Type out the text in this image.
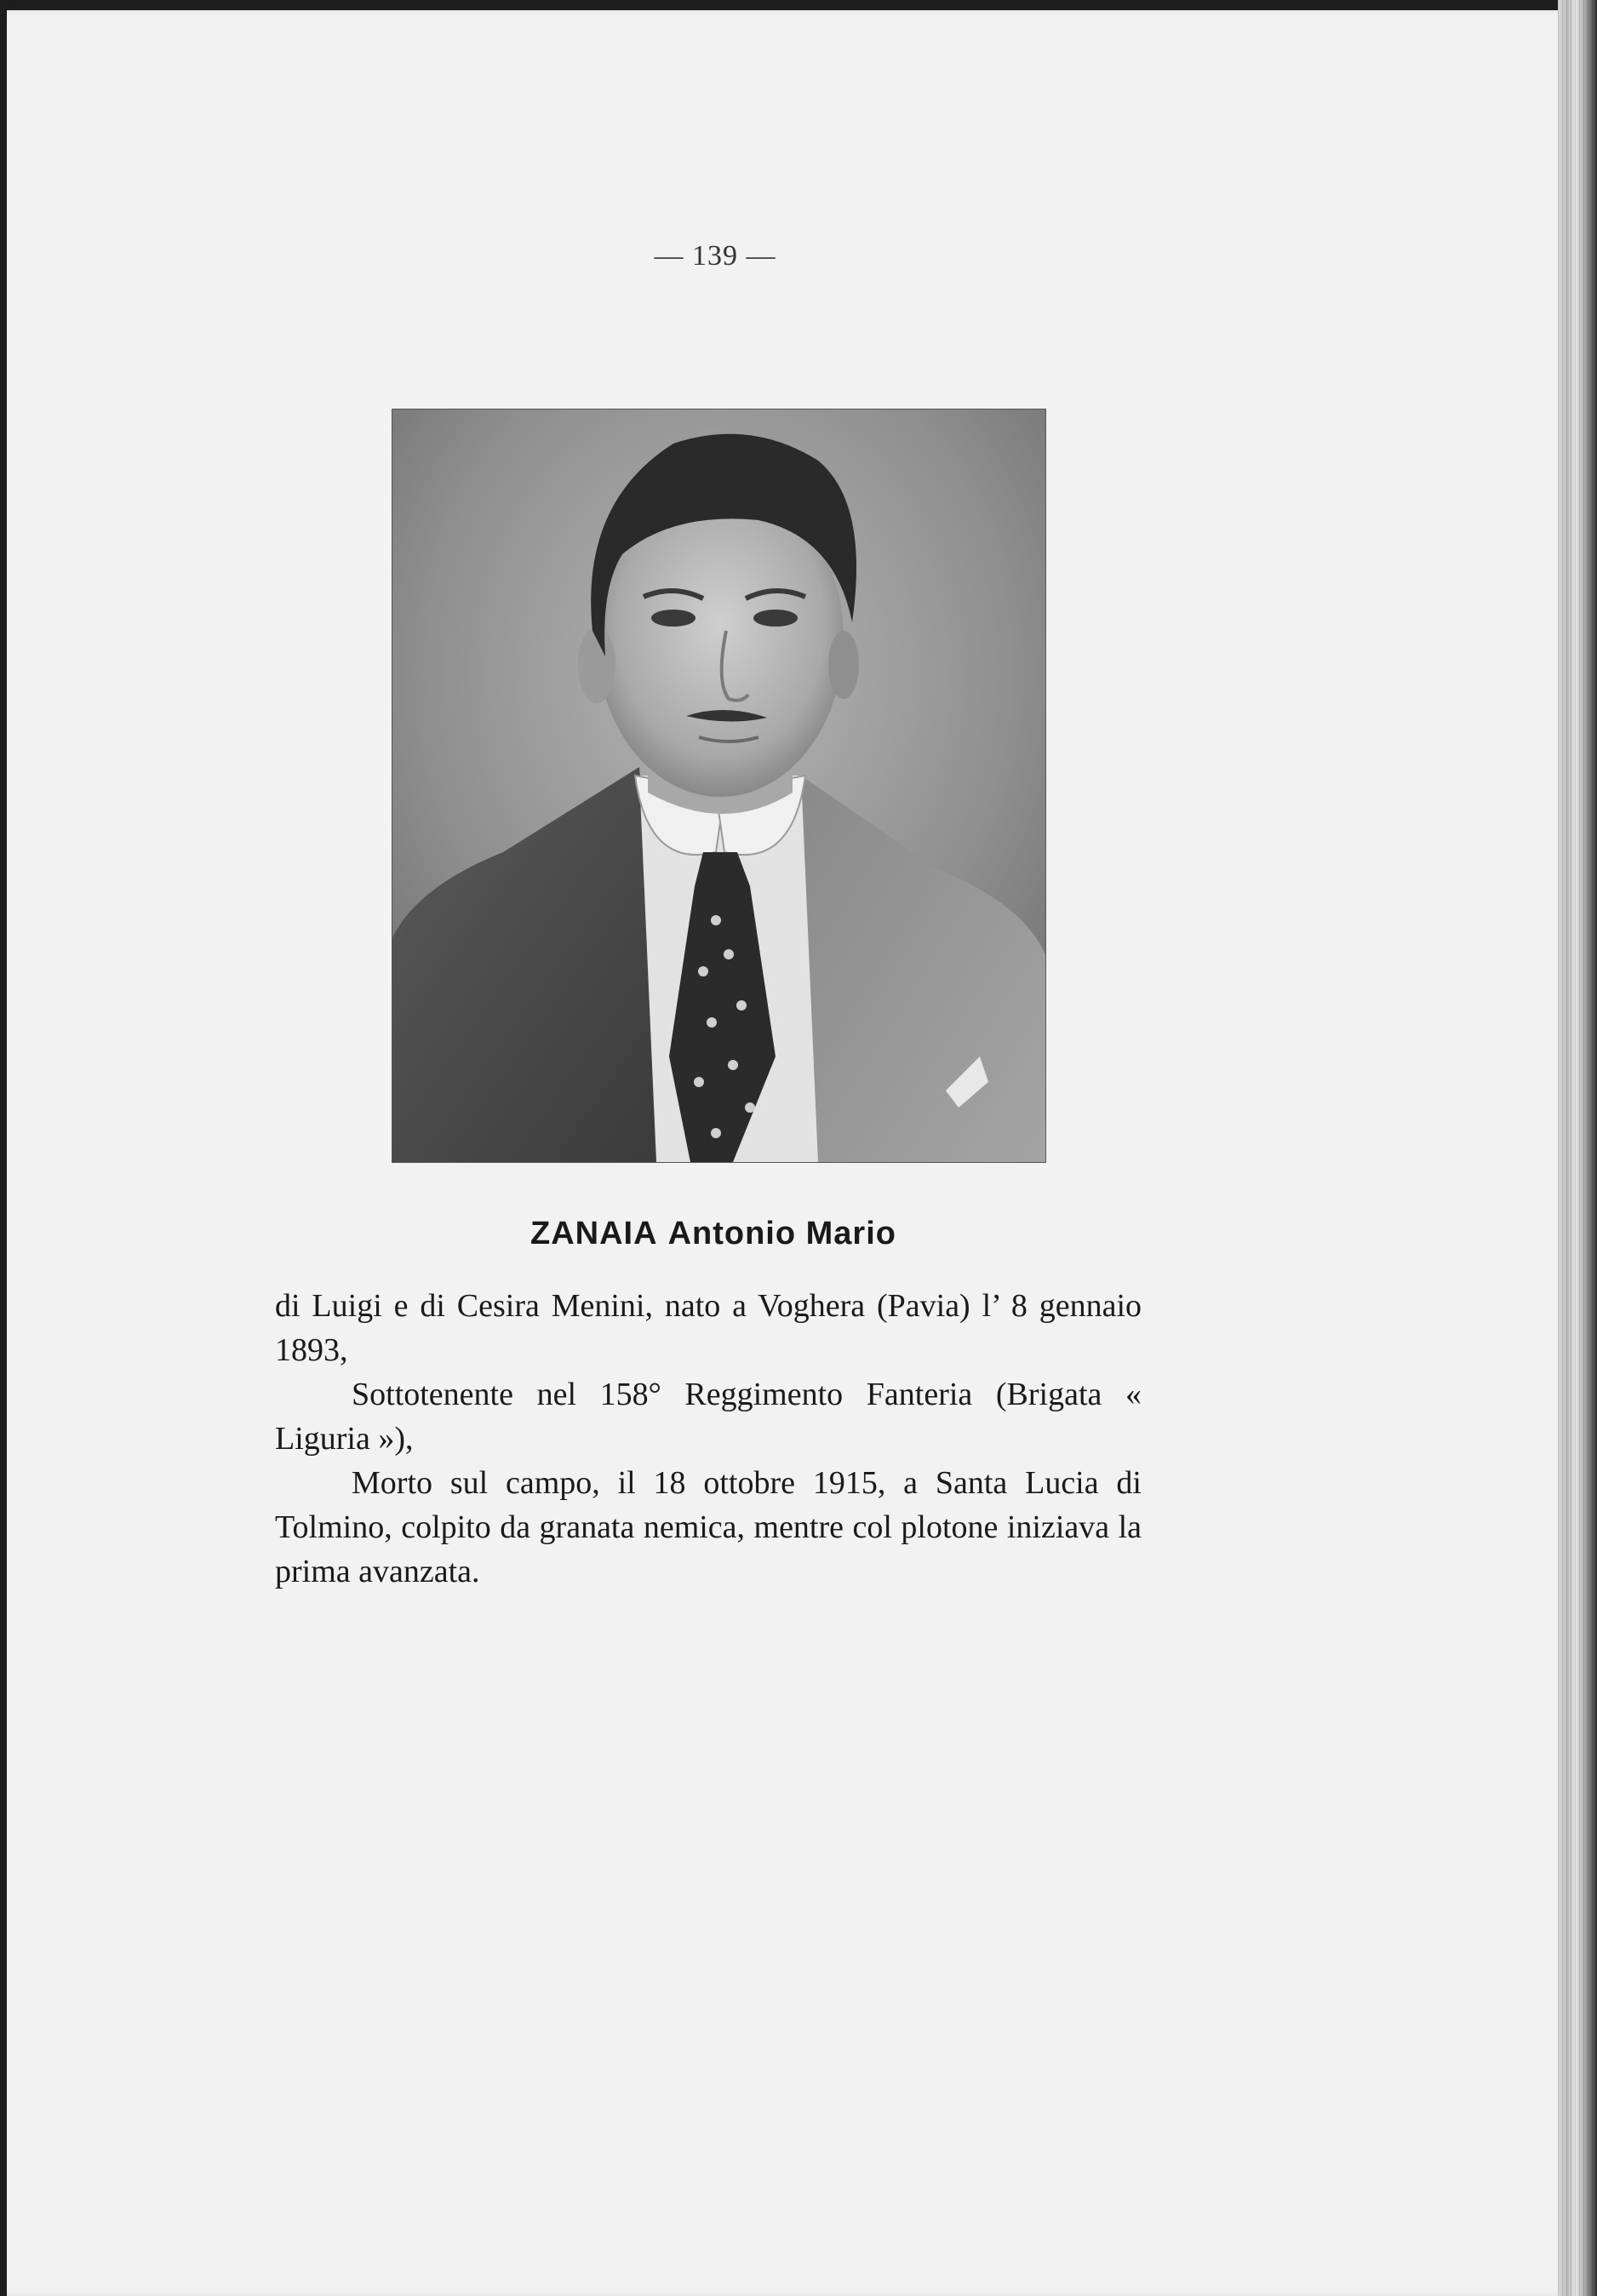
— 139 —
ZANAIA Antonio Mario

di Luigi e di Cesira Menini, nato a Voghera (Pavia) l’ 8 gennaio 1893,

Sottotenente nel 158° Reggimento Fanteria (Brigata « Liguria »),

Morto sul campo, il 18 ottobre 1915, a Santa Lucia di Tolmino, colpito da granata nemica, mentre col plotone iniziava la prima avanzata.
